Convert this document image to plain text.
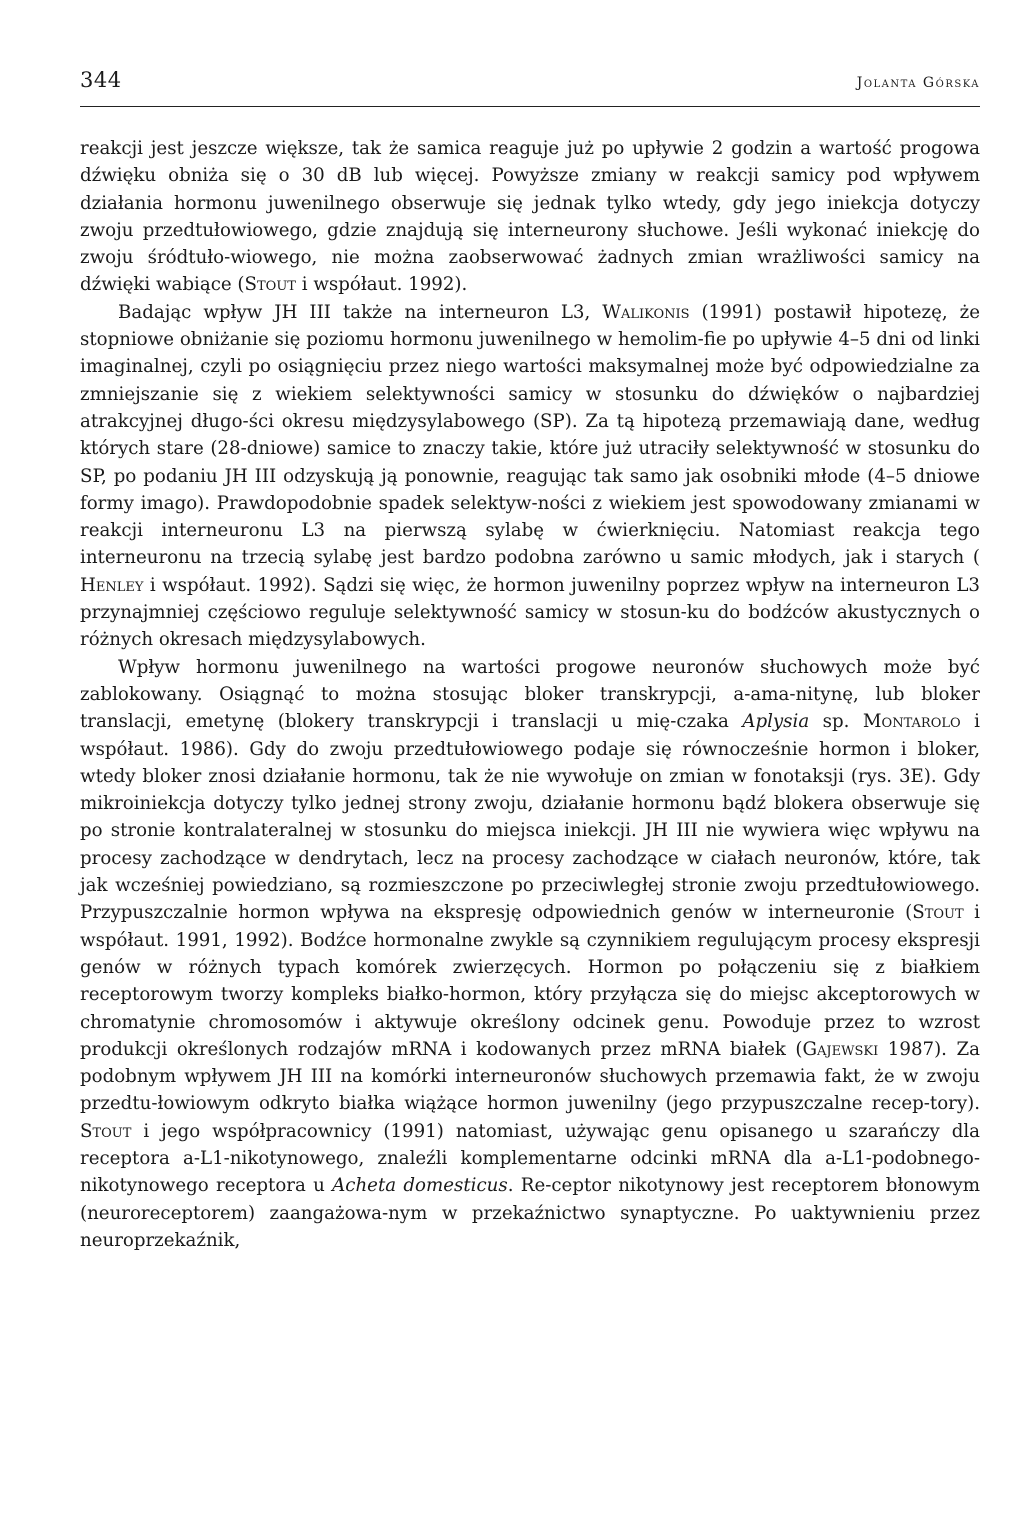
344	Jolanta Górska

reakcji jest jeszcze większe, tak że samica reaguje już po upływie 2 godzin a wartość progowa dźwięku obniża się o 30 dB lub więcej. Powyższe zmiany w reakcji samicy pod wpływem działania hormonu juwenilnego obserwuje się jednak tylko wtedy, gdy jego iniekcja dotyczy zwoju przedtułowiowego, gdzie znajdują się interneurony słuchowe. Jeśli wykonać iniekcję do zwoju śródtuło-wiowego, nie można zaobserwować żadnych zmian wrażliwości samicy na dźwięki wabiące (Stout i współaut. 1992).

Badając wpływ JH III także na interneuron L3, Walikonis (1991) postawił hipotezę, że stopniowe obniżanie się poziomu hormonu juwenilnego w hemolim-fie po upływie 4–5 dni od linki imaginalnej, czyli po osiągnięciu przez niego wartości maksymalnej może być odpowiedzialne za zmniejszanie się z wiekiem selektywności samicy w stosunku do dźwięków o najbardziej atrakcyjnej długo-ści okresu międzysylabowego (SP). Za tą hipotezą przemawiają dane, według których stare (28-dniowe) samice to znaczy takie, które już utraciły selektywność w stosunku do SP, po podaniu JH III odzyskują ją ponownie, reagując tak samo jak osobniki młode (4–5 dniowe formy imago). Prawdopodobnie spadek selektyw-ności z wiekiem jest spowodowany zmianami w reakcji interneuronu L3 na pierwszą sylabę w ćwierknięciu. Natomiast reakcja tego interneuronu na trzecią sylabę jest bardzo podobna zarówno u samic młodych, jak i starych ( Henley i współaut. 1992). Sądzi się więc, że hormon juwenilny poprzez wpływ na interneuron L3 przynajmniej częściowo reguluje selektywność samicy w stosun-ku do bodźców akustycznych o różnych okresach międzysylabowych.

Wpływ hormonu juwenilnego na wartości progowe neuronów słuchowych może być zablokowany. Osiągnąć to można stosując bloker transkrypcji, a-ama-nitynę, lub bloker translacji, emetynę (blokery transkrypcji i translacji u mię-czaka Aplysia sp. Montarolo i współaut. 1986). Gdy do zwoju przedtułowiowego podaje się równocześnie hormon i bloker, wtedy bloker znosi działanie hormonu, tak że nie wywołuje on zmian w fonotaksji (rys. 3E). Gdy mikroiniekcja dotyczy tylko jednej strony zwoju, działanie hormonu bądź blokera obserwuje się po stronie kontralateralnej w stosunku do miejsca iniekcji. JH III nie wywiera więc wpływu na procesy zachodzące w dendrytach, lecz na procesy zachodzące w ciałach neuronów, które, tak jak wcześniej powiedziano, są rozmieszczone po przeciwległej stronie zwoju przedtułowiowego. Przypuszczalnie hormon wpływa na ekspresję odpowiednich genów w interneuronie (Stout i współaut. 1991, 1992). Bodźce hormonalne zwykle są czynnikiem regulującym procesy ekspresji genów w różnych typach komórek zwierzęcych. Hormon po połączeniu się z białkiem receptorowym tworzy kompleks białko-hormon, który przyłącza się do miejsc akceptorowych w chromatynie chromosomów i aktywuje określony odcinek genu. Powoduje przez to wzrost produkcji określonych rodzajów mRNA i kodowanych przez mRNA białek (Gajewski 1987). Za podobnym wpływem JH III na komórki interneuronów słuchowych przemawia fakt, że w zwoju przedtu-łowiowym odkryto białka wiążące hormon juwenilny (jego przypuszczalne recep-tory). Stout i jego współpracownicy (1991) natomiast, używając genu opisanego u szarańczy dla receptora a-L1-nikotynowego, znaleźli komplementarne odcinki mRNA dla a-L1-podobnego-nikotynowego receptora u Acheta domesticus. Re-ceptor nikotynowy jest receptorem błonowym (neuroreceptorem) zaangażowa-nym w przekaźnictwo synaptyczne. Po uaktywnieniu przez neuroprzekaźnik,
